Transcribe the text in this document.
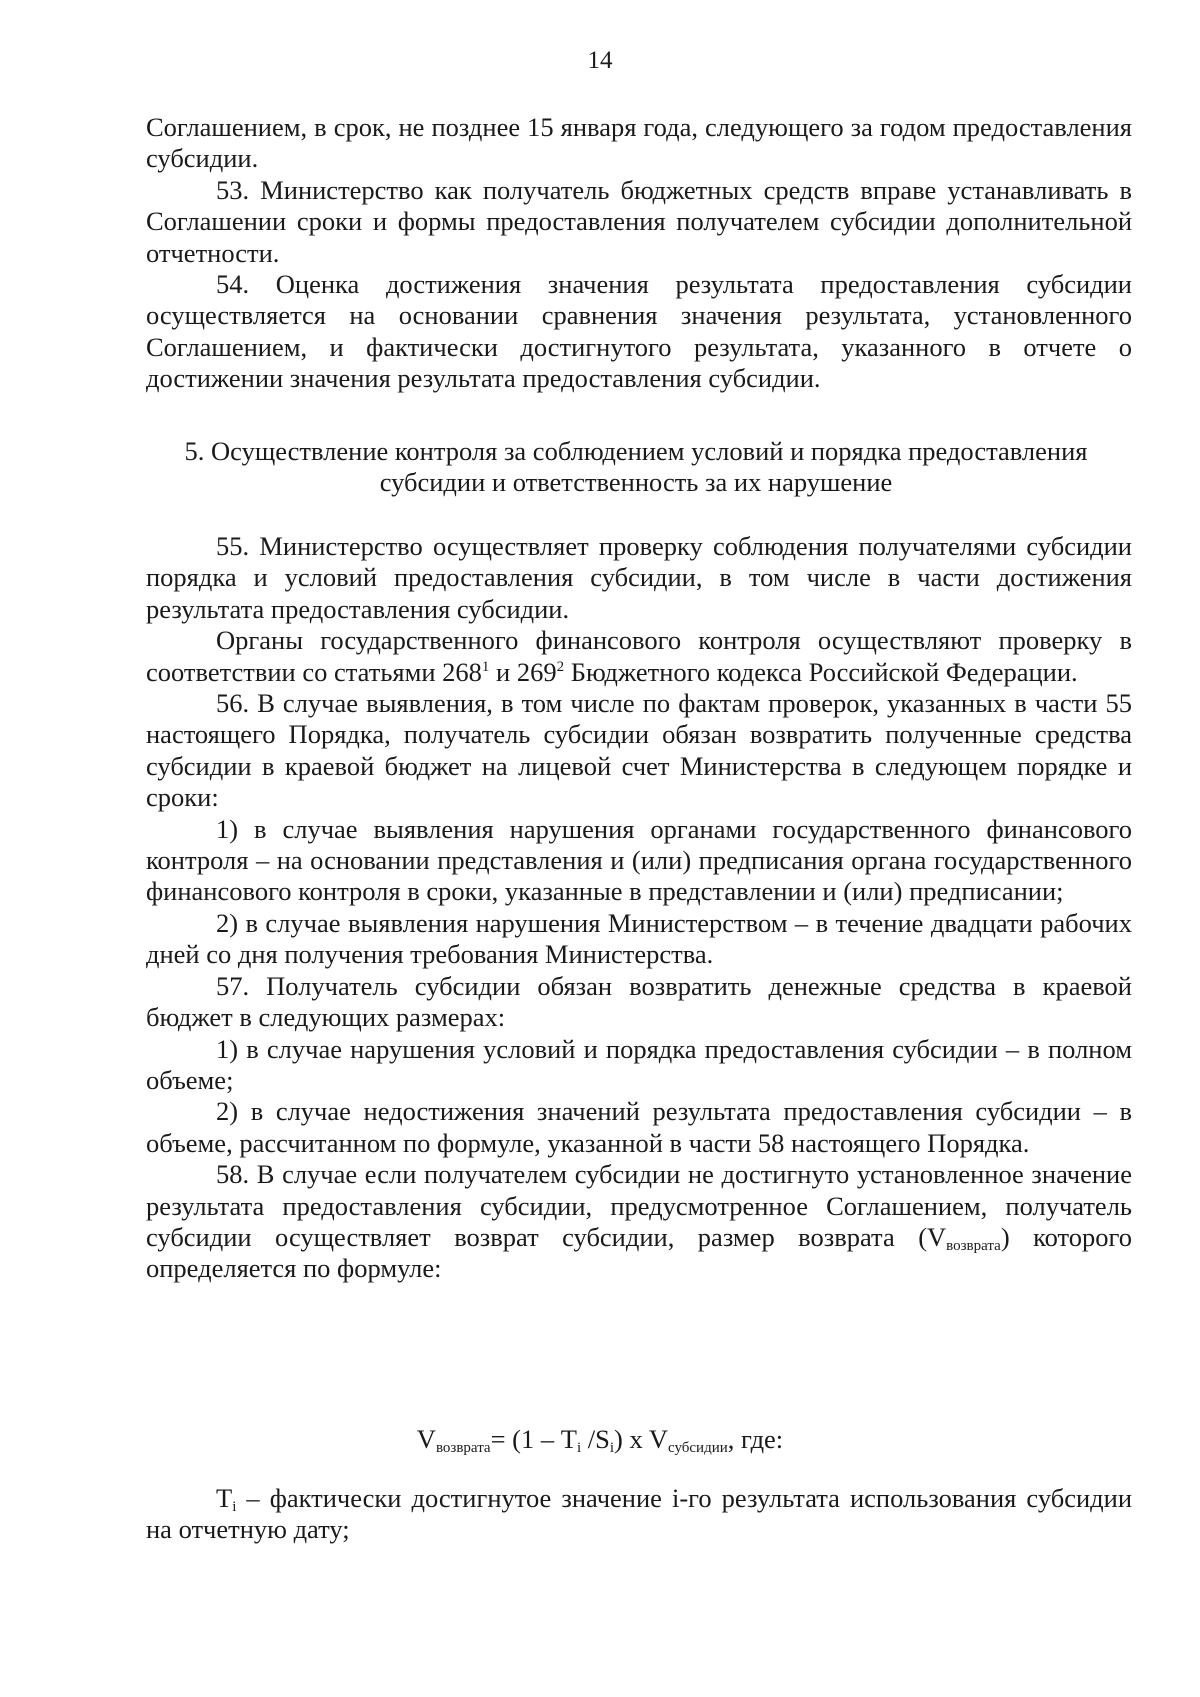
14

Соглашением, в срок, не позднее 15 января года, следующего за годом предоставления субсидии.

53. Министерство как получатель бюджетных средств вправе устанавливать в Соглашении сроки и формы предоставления получателем субсидии дополнительной отчетности.

54. Оценка достижения значения результата предоставления субсидии осуществляется на основании сравнения значения результата, установленного Соглашением, и фактически достигнутого результата, указанного в отчете о достижении значения результата предоставления субсидии.

5. Осуществление контроля за соблюдением условий и порядка предоставления
субсидии и ответственность за их нарушение

55. Министерство осуществляет проверку соблюдения получателями субсидии порядка и условий предоставления субсидии, в том числе в части достижения результата предоставления субсидии.

Органы государственного финансового контроля осуществляют проверку в соответствии со статьями $268^1$ и $269^2$ Бюджетного кодекса Российской Федерации.

56. В случае выявления, в том числе по фактам проверок, указанных в части 55 настоящего Порядка, получатель субсидии обязан возвратить полученные средства субсидии в краевой бюджет на лицевой счет Министерства в следующем порядке и сроки:

1) в случае выявления нарушения органами государственного финансового контроля – на основании представления и (или) предписания органа государственного финансового контроля в сроки, указанные в представлении и (или) предписании;

2) в случае выявления нарушения Министерством – в течение двадцати рабочих дней со дня получения требования Министерства.

57. Получатель субсидии обязан возвратить денежные средства в краевой бюджет в следующих размерах:

1) в случае нарушения условий и порядка предоставления субсидии – в полном объеме;

2) в случае недостижения значений результата предоставления субсидии – в объеме, рассчитанном по формуле, указанной в части 58 настоящего Порядка.

58. В случае если получателем субсидии не достигнуто установленное значение результата предоставления субсидии, предусмотренное Соглашением, получатель субсидии осуществляет возврат субсидии, размер возврата $(V_{возврата})$ которого определяется по формуле:

$V_{возврата}= (1 - T_i$ $/S_i$) x $V_{субсидии}$, где:

$T_i$ – фактически достигнутое значение i-го результата использования субсидии на отчетную дату;
